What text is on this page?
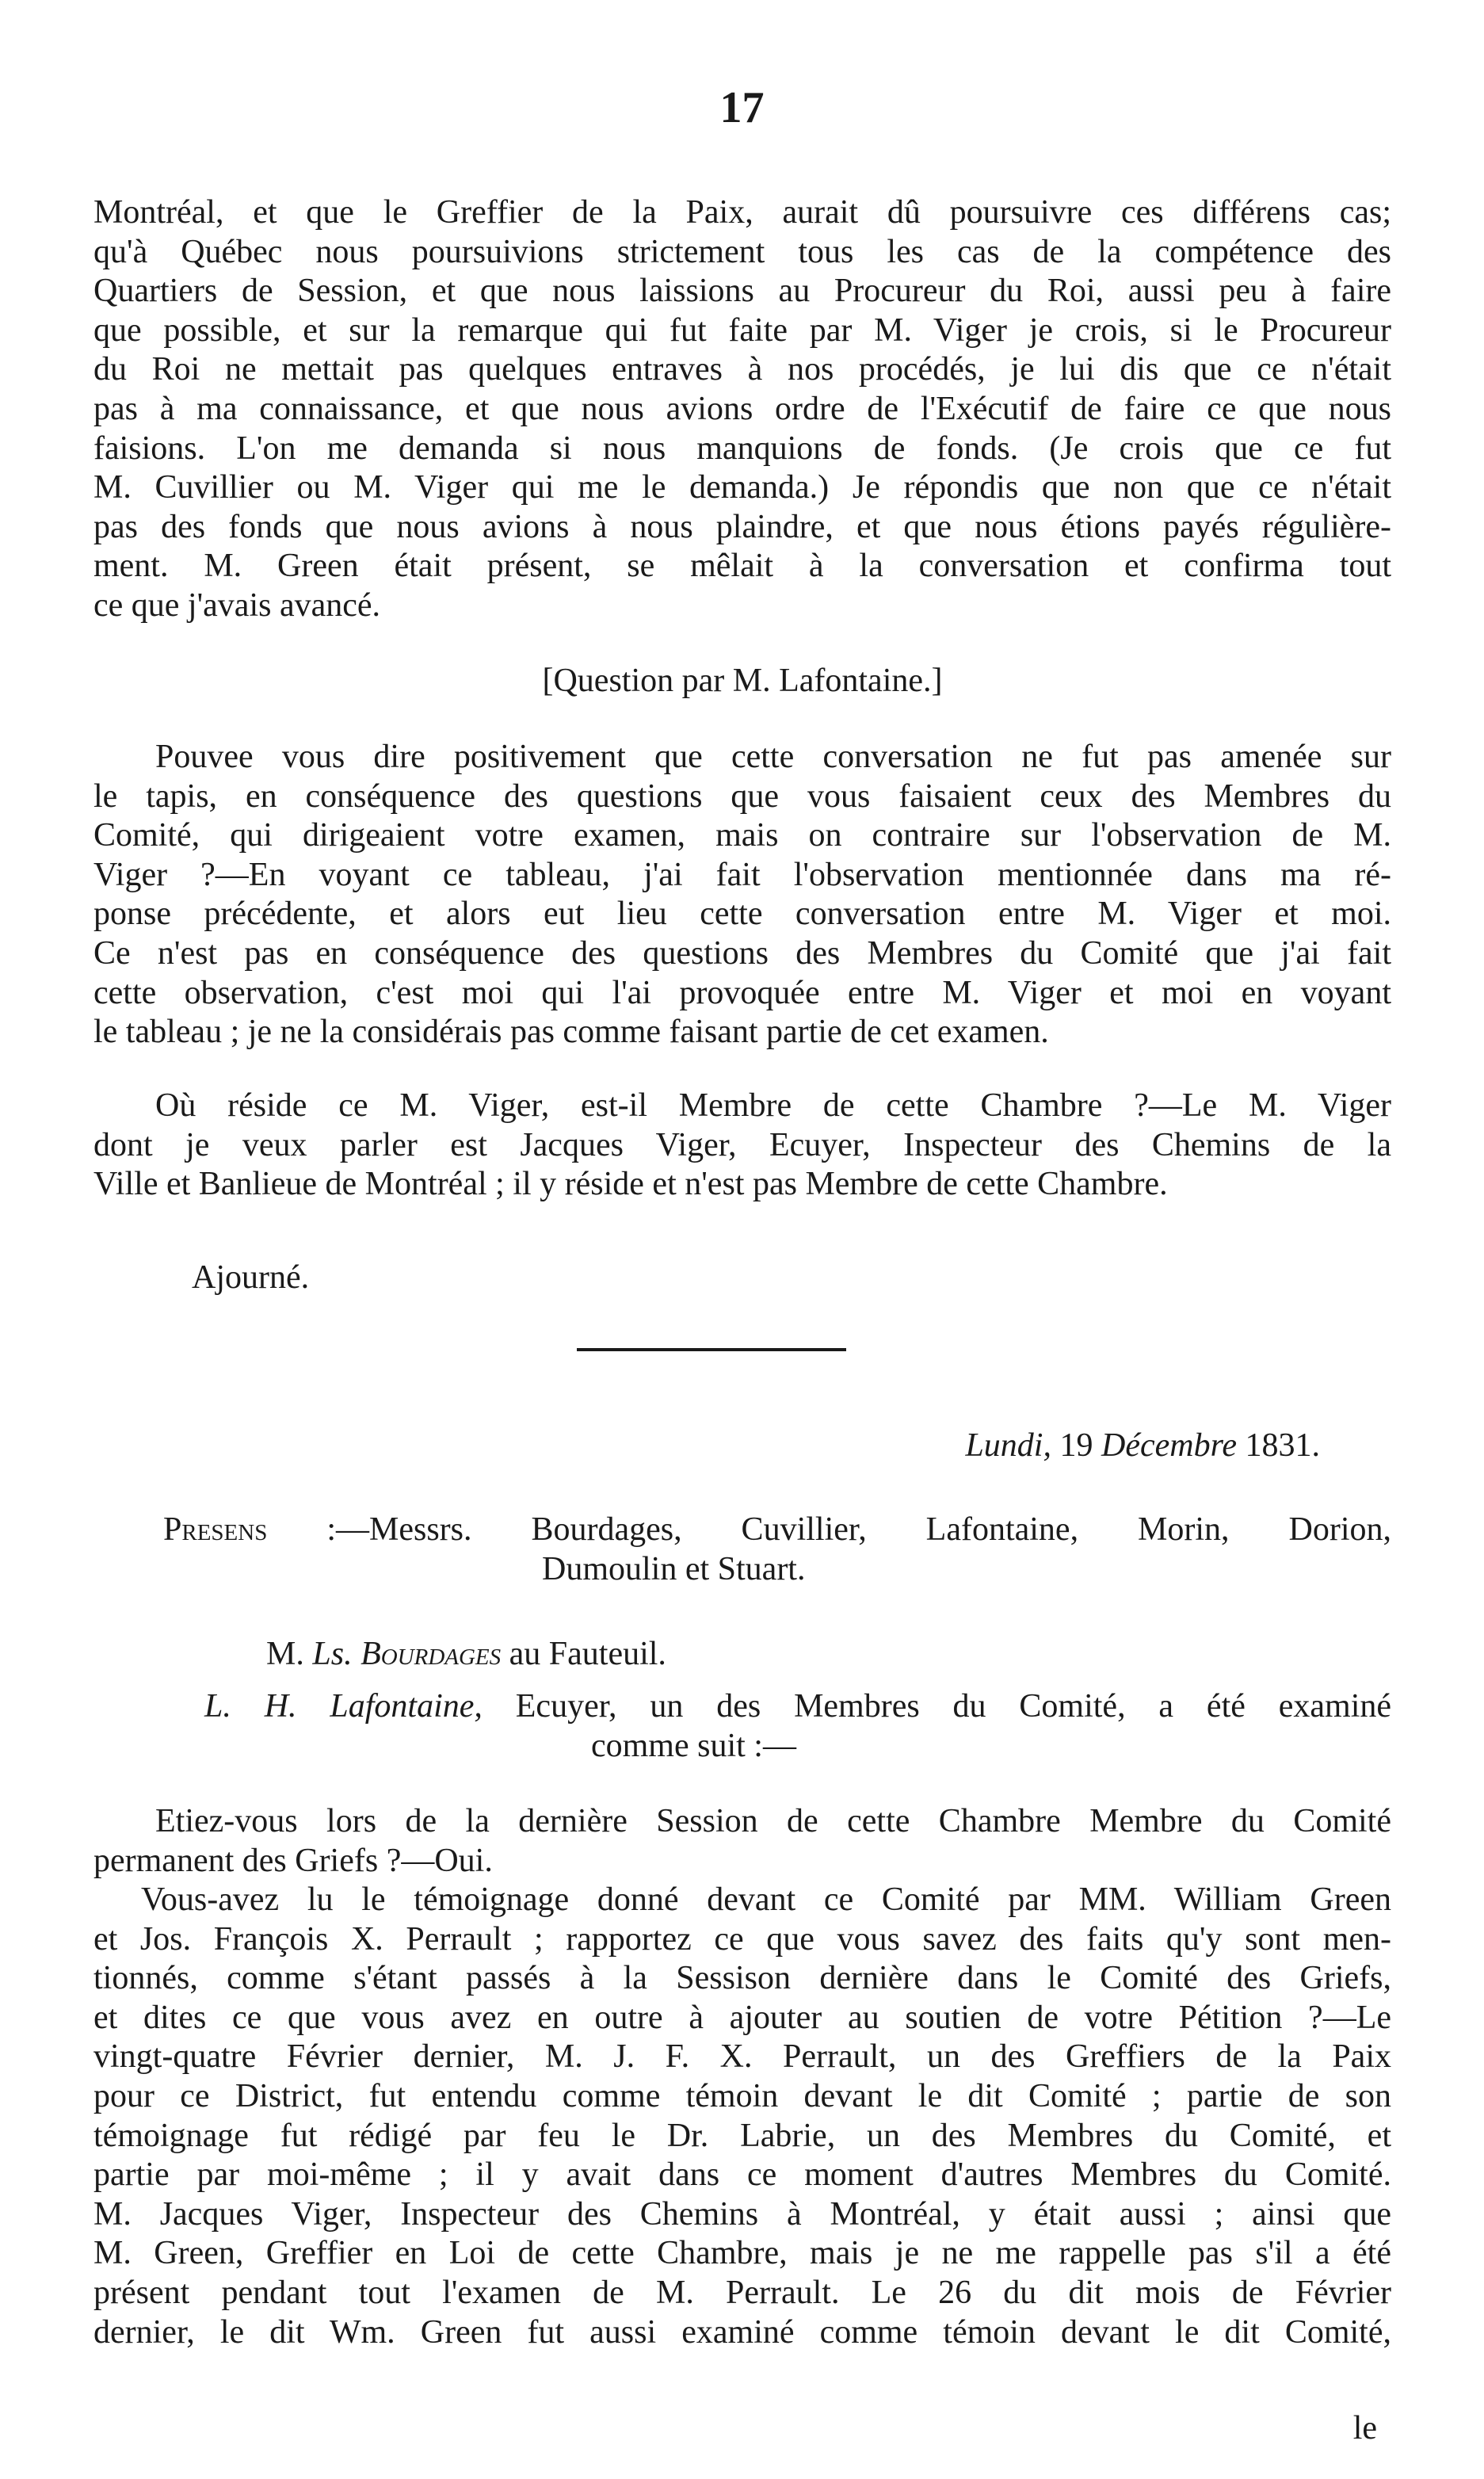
17
Montréal, et que le Greffier de la Paix, aurait dû poursuivre ces différens cas;
qu'à Québec nous poursuivions strictement tous les cas de la compétence des
Quartiers de Session, et que nous laissions au Procureur du Roi, aussi peu à faire
que possible, et sur la remarque qui fut faite par M. Viger je crois, si le Procureur
du Roi ne mettait pas quelques entraves à nos procédés, je lui dis que ce n'était
pas à ma connaissance, et que nous avions ordre de l'Exécutif de faire ce que nous
faisions. L'on me demanda si nous manquions de fonds. (Je crois que ce fut
M. Cuvillier ou M. Viger qui me le demanda.) Je répondis que non que ce n'était
pas des fonds que nous avions à nous plaindre, et que nous étions payés régulière-
ment. M. Green était présent, se mêlait à la conversation et confirma tout
ce que j'avais avancé.
[Question par M. Lafontaine.]
Pouvee vous dire positivement que cette conversation ne fut pas amenée sur
le tapis, en conséquence des questions que vous faisaient ceux des Membres du
Comité, qui dirigeaient votre examen, mais on contraire sur l'observation de M.
Viger ?—En voyant ce tableau, j'ai fait l'observation mentionnée dans ma ré-
ponse précédente, et alors eut lieu cette conversation entre M. Viger et moi.
Ce n'est pas en conséquence des questions des Membres du Comité que j'ai fait
cette observation, c'est moi qui l'ai provoquée entre M. Viger et moi en voyant
le tableau ; je ne la considérais pas comme faisant partie de cet examen.
Où réside ce M. Viger, est-il Membre de cette Chambre ?—Le M. Viger
dont je veux parler est Jacques Viger, Ecuyer, Inspecteur des Chemins de la
Ville et Banlieue de Montréal ; il y réside et n'est pas Membre de cette Chambre.
Ajourné.
Lundi, 19 Décembre 1831.
Presens :—Messrs. Bourdages, Cuvillier, Lafontaine, Morin, Dorion,
Dumoulin et Stuart.
M. Ls. Bourdages au Fauteuil.
L. H. Lafontaine, Ecuyer, un des Membres du Comité, a été examiné
comme suit :—
Etiez-vous lors de la dernière Session de cette Chambre Membre du Comité
permanent des Griefs ?—Oui.
Vous-avez lu le témoignage donné devant ce Comité par MM. William Green
et Jos. François X. Perrault ; rapportez ce que vous savez des faits qu'y sont men-
tionnés, comme s'étant passés à la Sessison dernière dans le Comité des Griefs,
et dites ce que vous avez en outre à ajouter au soutien de votre Pétition ?—Le
vingt-quatre Février dernier, M. J. F. X. Perrault, un des Greffiers de la Paix
pour ce District, fut entendu comme témoin devant le dit Comité ; partie de son
témoignage fut rédigé par feu le Dr. Labrie, un des Membres du Comité, et
partie par moi-même ; il y avait dans ce moment d'autres Membres du Comité.
M. Jacques Viger, Inspecteur des Chemins à Montréal, y était aussi ; ainsi que
M. Green, Greffier en Loi de cette Chambre, mais je ne me rappelle pas s'il a été
présent pendant tout l'examen de M. Perrault. Le 26 du dit mois de Février
dernier, le dit Wm. Green fut aussi examiné comme témoin devant le dit Comité,
le
